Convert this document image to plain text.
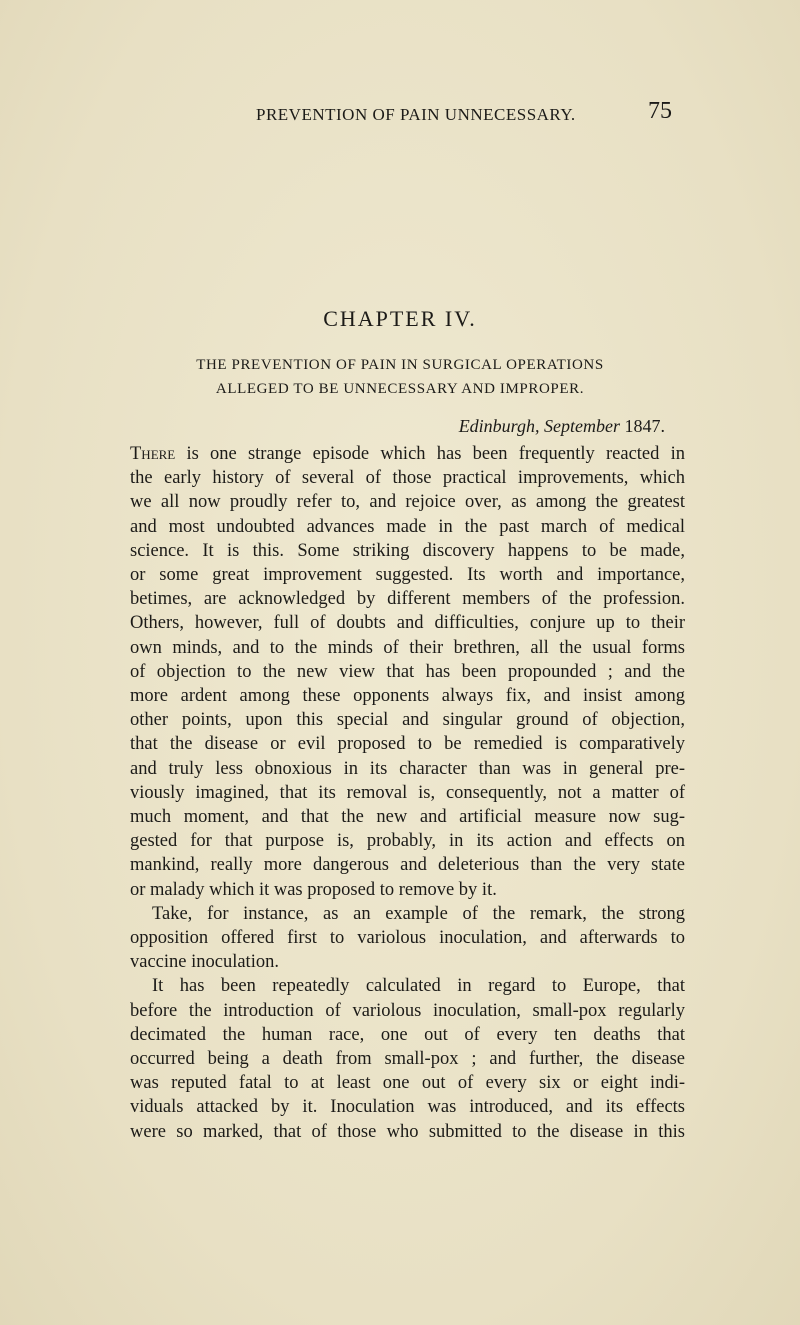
PREVENTION OF PAIN UNNECESSARY.	75
CHAPTER IV.
THE PREVENTION OF PAIN IN SURGICAL OPERATIONS
ALLEGED TO BE UNNECESSARY AND IMPROPER.
Edinburgh, September 1847.
There is one strange episode which has been frequently reacted in
the early history of several of those practical improvements, which
we all now proudly refer to, and rejoice over, as among the greatest
and most undoubted advances made in the past march of medical
science. It is this. Some striking discovery happens to be made,
or some great improvement suggested. Its worth and importance,
betimes, are acknowledged by different members of the profession.
Others, however, full of doubts and difficulties, conjure up to their
own minds, and to the minds of their brethren, all the usual forms
of objection to the new view that has been propounded ; and the
more ardent among these opponents always fix, and insist among
other points, upon this special and singular ground of objection,
that the disease or evil proposed to be remedied is comparatively
and truly less obnoxious in its character than was in general pre-
viously imagined, that its removal is, consequently, not a matter of
much moment, and that the new and artificial measure now sug-
gested for that purpose is, probably, in its action and effects on
mankind, really more dangerous and deleterious than the very state
or malady which it was proposed to remove by it.
Take, for instance, as an example of the remark, the strong
opposition offered first to variolous inoculation, and afterwards to
vaccine inoculation.
It has been repeatedly calculated in regard to Europe, that
before the introduction of variolous inoculation, small-pox regularly
decimated the human race, one out of every ten deaths that
occurred being a death from small-pox ; and further, the disease
was reputed fatal to at least one out of every six or eight indi-
viduals attacked by it. Inoculation was introduced, and its effects
were so marked, that of those who submitted to the disease in this
